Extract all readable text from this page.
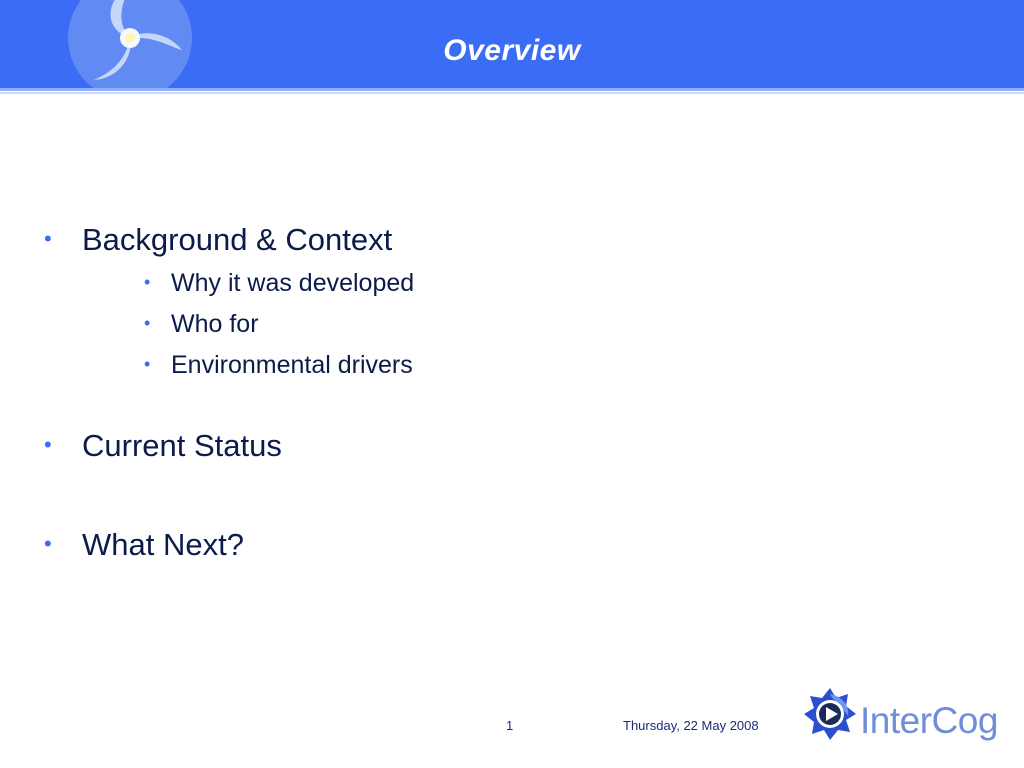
Overview
• Background & Context
• Why it was developed
• Who for
• Environmental drivers
• Current Status
• What Next?
1	Thursday, 22 May 2008	InterCog
